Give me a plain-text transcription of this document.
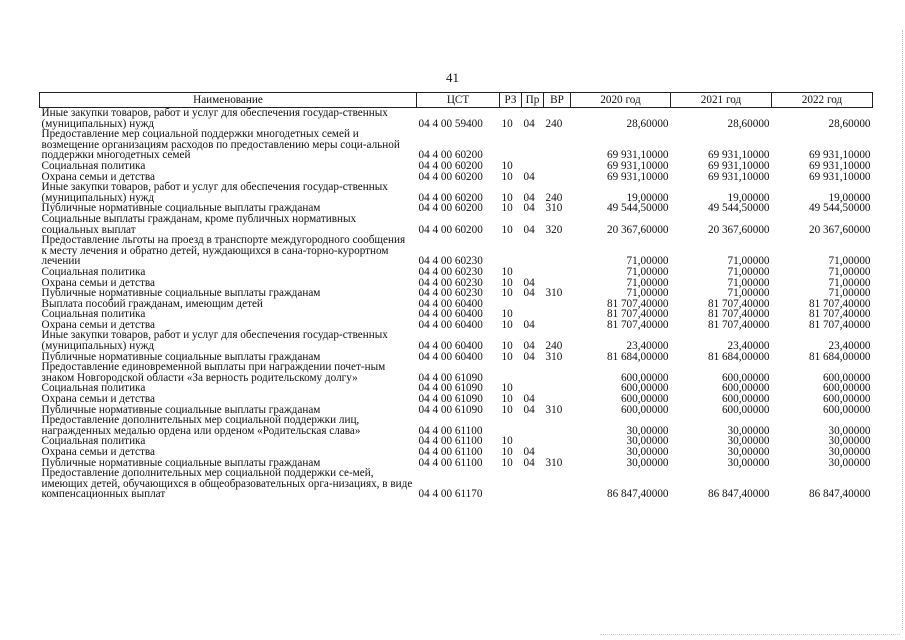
41
Наименование	ЦСТ	РЗ	Пр	ВР	2020 год	2021 год	2022 год
Иные закупки товаров, работ и услуг для обеспечения государ-ственных (муниципальных) нужд	04 4 00 59400	10	04	240	28,60000	28,60000	28,60000
Предоставление мер социальной поддержки многодетных семей и возмещение организациям расходов по предоставлению меры соци-альной поддержки многодетных семей	04 4 00 60200				69 931,10000	69 931,10000	69 931,10000
Социальная политика	04 4 00 60200	10			69 931,10000	69 931,10000	69 931,10000
Охрана семьи и детства	04 4 00 60200	10	04		69 931,10000	69 931,10000	69 931,10000
Иные закупки товаров, работ и услуг для обеспечения государ-ственных (муниципальных) нужд	04 4 00 60200	10	04	240	19,00000	19,00000	19,00000
Публичные нормативные социальные выплаты гражданам	04 4 00 60200	10	04	310	49 544,50000	49 544,50000	49 544,50000
Социальные выплаты гражданам, кроме публичных нормативных социальных выплат	04 4 00 60200	10	04	320	20 367,60000	20 367,60000	20 367,60000
Предоставление льготы на проезд в транспорте междугородного сообщения к месту лечения и обратно детей, нуждающихся в сана-торно-курортном лечении	04 4 00 60230				71,00000	71,00000	71,00000
Социальная политика	04 4 00 60230	10			71,00000	71,00000	71,00000
Охрана семьи и детства	04 4 00 60230	10	04		71,00000	71,00000	71,00000
Публичные нормативные социальные выплаты гражданам	04 4 00 60230	10	04	310	71,00000	71,00000	71,00000
Выплата пособий гражданам, имеющим детей	04 4 00 60400				81 707,40000	81 707,40000	81 707,40000
Социальная политика	04 4 00 60400	10			81 707,40000	81 707,40000	81 707,40000
Охрана семьи и детства	04 4 00 60400	10	04		81 707,40000	81 707,40000	81 707,40000
Иные закупки товаров, работ и услуг для обеспечения государ-ственных (муниципальных) нужд	04 4 00 60400	10	04	240	23,40000	23,40000	23,40000
Публичные нормативные социальные выплаты гражданам	04 4 00 60400	10	04	310	81 684,00000	81 684,00000	81 684,00000
Предоставление единовременной выплаты при награждении почет-ным знаком Новгородской области «За верность родительскому долгу»	04 4 00 61090				600,00000	600,00000	600,00000
Социальная политика	04 4 00 61090	10			600,00000	600,00000	600,00000
Охрана семьи и детства	04 4 00 61090	10	04		600,00000	600,00000	600,00000
Публичные нормативные социальные выплаты гражданам	04 4 00 61090	10	04	310	600,00000	600,00000	600,00000
Предоставление дополнительных мер социальной поддержки лиц, награжденных медалью ордена или орденом «Родительская слава»	04 4 00 61100				30,00000	30,00000	30,00000
Социальная политика	04 4 00 61100	10			30,00000	30,00000	30,00000
Охрана семьи и детства	04 4 00 61100	10	04		30,00000	30,00000	30,00000
Публичные нормативные социальные выплаты гражданам	04 4 00 61100	10	04	310	30,00000	30,00000	30,00000
Предоставление дополнительных мер социальной поддержки се-мей, имеющих детей, обучающихся в общеобразовательных орга-низациях, в виде компенсационных выплат	04 4 00 61170				86 847,40000	86 847,40000	86 847,40000
